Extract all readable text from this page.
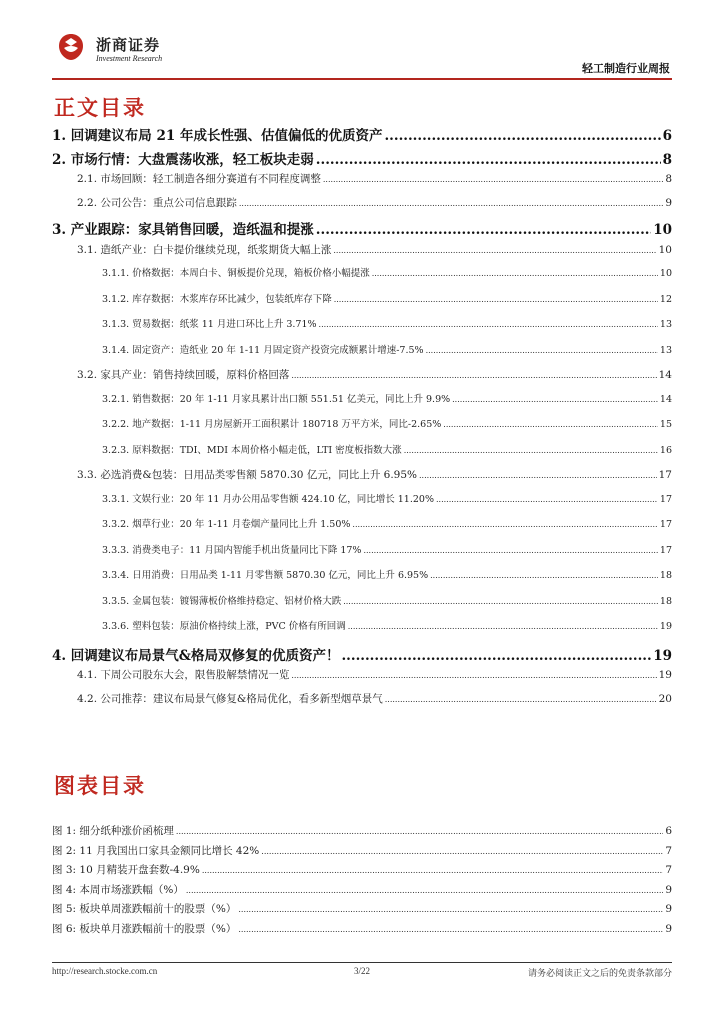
浙商证券
Investment Research
轻工制造行业周报
正文目录
1. 回调建议布局 21 年成长性强、估值偏低的优质资产 .....	6
2. 市场行情：大盘震荡收涨，轻工板块走弱 .....	8
2.1. 市场回顾：轻工制造各细分赛道有不同程度调整 .....	8
2.2. 公司公告：重点公司信息跟踪 .....	9
3. 产业跟踪：家具销售回暖，造纸温和提涨 .....	10
3.1. 造纸产业：白卡提价继续兑现，纸浆期货大幅上涨 .....	10
3.1.1. 价格数据：本周白卡、铜板提价兑现，箱板价格小幅提涨 .....	10
3.1.2. 库存数据：木浆库存环比减少，包装纸库存下降 .....	12
3.1.3. 贸易数据：纸浆 11 月进口环比上升 3.71% .....	13
3.1.4. 固定资产：造纸业 20 年 1-11 月固定资产投资完成额累计增速-7.5% .....	13
3.2. 家具产业：销售持续回暖，原料价格回落 .....	14
3.2.1. 销售数据：20 年 1-11 月家具累计出口额 551.51 亿美元，同比上升 9.9% .....	14
3.2.2. 地产数据：1-11 月房屋新开工面积累计 180718 万平方米，同比-2.65% .....	15
3.2.3. 原料数据：TDI、MDI 本周价格小幅走低，LTI 密度板指数大涨 .....	16
3.3. 必选消费&包装：日用品类零售额 5870.30 亿元，同比上升 6.95% .....	17
3.3.1. 文娱行业：20 年 11 月办公用品零售额 424.10 亿，同比增长 11.20% .....	17
3.3.2. 烟草行业：20 年 1-11 月卷烟产量同比上升 1.50% .....	17
3.3.3. 消费类电子：11 月国内智能手机出货量同比下降 17% .....	17
3.3.4. 日用消费：日用品类 1-11 月零售额 5870.30 亿元，同比上升 6.95% .....	18
3.3.5. 金属包装：镀锡薄板价格维持稳定、铝材价格大跌 .....	18
3.3.6. 塑料包装：原油价格持续上涨，PVC 价格有所回调 .....	19
4. 回调建议布局景气&格局双修复的优质资产！ .....	19
4.1. 下周公司股东大会，限售股解禁情况一览 .....	19
4.2. 公司推荐：建议布局景气修复&格局优化，看多新型烟草景气 .....	20
图表目录
图 1: 细分纸种涨价函梳理 .....	6
图 2: 11 月我国出口家具金额同比增长 42% .....	7
图 3: 10 月精装开盘套数-4.9% .....	7
图 4: 本周市场涨跌幅（%） .....	9
图 5: 板块单周涨跌幅前十的股票（%） .....	9
图 6: 板块单月涨跌幅前十的股票（%） .....	9
http://research.stocke.com.cn	3/22	请务必阅读正文之后的免责条款部分
